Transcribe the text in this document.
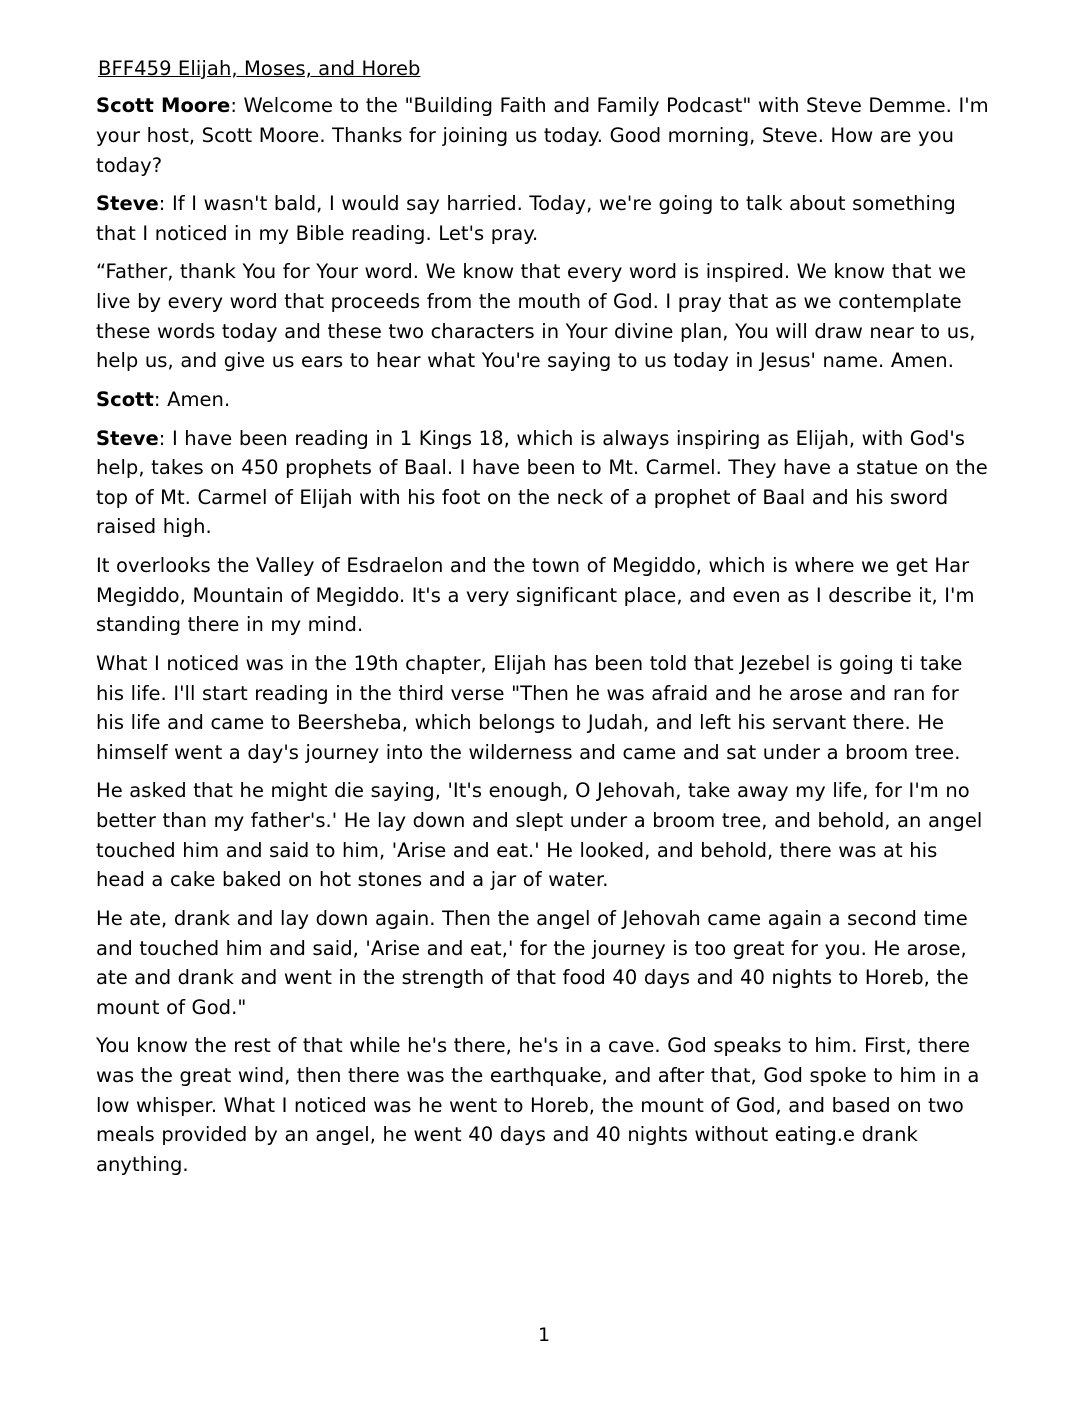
BFF459 Elijah, Moses, and Horeb
Scott Moore: Welcome to the "Building Faith and Family Podcast" with Steve Demme. I'm your host, Scott Moore. Thanks for joining us today. Good morning, Steve. How are you today?
Steve: If I wasn't bald, I would say harried. Today, we're going to talk about something that I noticed in my Bible reading. Let's pray.
“Father, thank You for Your word. We know that every word is inspired. We know that we live by every word that proceeds from the mouth of God. I pray that as we contemplate these words today and these two characters in Your divine plan, You will draw near to us, help us, and give us ears to hear what You're saying to us today in Jesus' name. Amen.
Scott: Amen.
Steve: I have been reading in 1 Kings 18, which is always inspiring as Elijah, with God's help, takes on 450 prophets of Baal. I have been to Mt. Carmel. They have a statue on the top of Mt. Carmel of Elijah with his foot on the neck of a prophet of Baal and his sword raised high.
It overlooks the Valley of Esdraelon and the town of Megiddo, which is where we get Har Megiddo, Mountain of Megiddo. It's a very significant place, and even as I describe it, I'm standing there in my mind.
What I noticed was in the 19th chapter, Elijah has been told that Jezebel is going ti take his life. I'll start reading in the third verse "Then he was afraid and he arose and ran for his life and came to Beersheba, which belongs to Judah, and left his servant there. He himself went a day's journey into the wilderness and came and sat under a broom tree.
He asked that he might die saying, 'It's enough, O Jehovah, take away my life, for I'm no better than my father's.' He lay down and slept under a broom tree, and behold, an angel touched him and said to him, 'Arise and eat.' He looked, and behold, there was at his head a cake baked on hot stones and a jar of water.
He ate, drank and lay down again. Then the angel of Jehovah came again a second time and touched him and said, 'Arise and eat,' for the journey is too great for you. He arose, ate and drank and went in the strength of that food 40 days and 40 nights to Horeb, the mount of God."
You know the rest of that while he's there, he's in a cave. God speaks to him. First, there was the great wind, then there was the earthquake, and after that, God spoke to him in a low whisper. What I noticed was he went to Horeb, the mount of God, and based on two meals provided by an angel, he went 40 days and 40 nights without eating.e drank anything.
1
